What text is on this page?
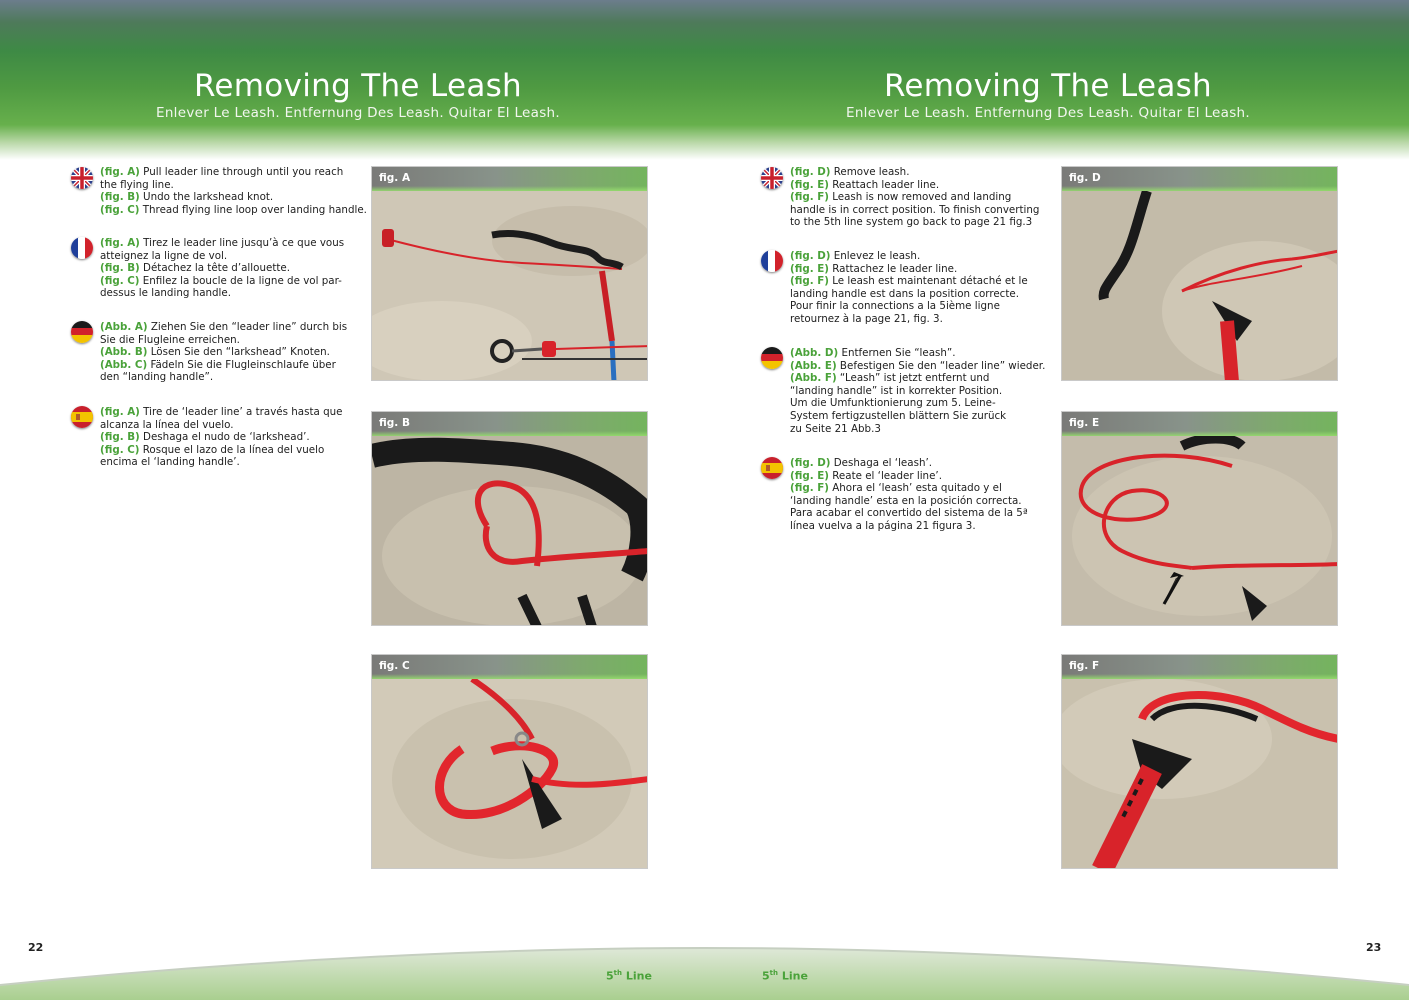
Removing The Leash
Enlever Le Leash. Entfernung Des Leash. Quitar El Leash.
Removing The Leash
Enlever Le Leash. Entfernung Des Leash. Quitar El Leash.
(fig. A) Pull leader line through until you reach
the flying line.
(fig. B) Undo the larkshead knot.
(fig. C) Thread flying line loop over landing handle.
(fig. A) Tirez le leader line jusqu’à ce que vous
atteignez la ligne de vol.
(fig. B) Détachez la tête d’allouette.
(fig. C) Enfilez la boucle de la ligne de vol par-
dessus le landing handle.
(Abb. A) Ziehen Sie den “leader line” durch bis
Sie die Flugleine erreichen.
(Abb. B) Lösen Sie den “larkshead” Knoten.
(Abb. C) Fädeln Sie die Flugleinschlaufe über
den “landing handle”.
(fig. A) Tire de ‘leader line’ a través hasta que
alcanza la línea del vuelo.
(fig. B) Deshaga el nudo de ‘larkshead’.
(fig. C) Rosque el lazo de la línea del vuelo
encima el ‘landing handle’.
(fig. D) Remove leash.
(fig. E) Reattach leader line.
(fig. F) Leash is now removed and landing
handle is in correct position. To finish converting
to the 5th line system go back to page 21 fig.3
(fig. D) Enlevez le leash.
(fig. E) Rattachez le leader line.
(fig. F) Le leash est maintenant détaché et le
landing handle est dans la position correcte.
Pour finir la connections a la 5ième ligne
retournez à la page 21, fig. 3.
(Abb. D) Entfernen Sie “leash”.
(Abb. E) Befestigen Sie den “leader line” wieder.
(Abb. F) “Leash” ist jetzt entfernt und
“landing handle” ist in korrekter Position.
Um die Umfunktionierung zum 5. Leine-
System fertigzustellen blättern Sie zurück
zu Seite 21 Abb.3
(fig. D) Deshaga el ‘leash’.
(fig. E) Reate el ‘leader line’.
(fig. F) Ahora el ‘leash’ esta quitado y el
‘landing handle’ esta en la posición correcta.
Para acabar el convertido del sistema de la 5ª
línea vuelva a la página 21 figura 3.
fig. A
fig. B
fig. C
fig. D
fig. E
fig. F
22	23
5th Line	5th Line
